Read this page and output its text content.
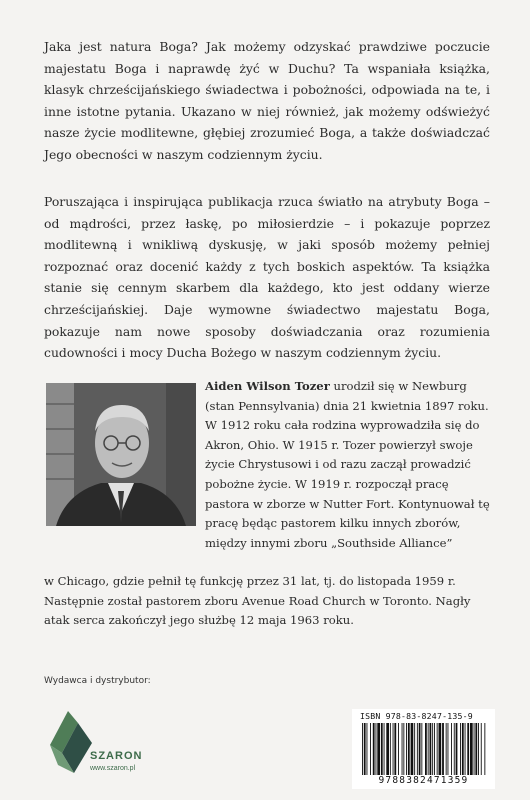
Jaka jest natura Boga? Jak możemy odzyskać prawdziwe poczucie majestatu Boga i naprawdę żyć w Duchu? Ta wspaniała książka, klasyk chrześcijańskiego świadectwa i pobożności, odpowiada na te, i inne istotne pytania. Ukazano w niej również, jak możemy odświeżyć nasze życie modlitewne, głębiej zrozumieć Boga, a także doświadczać Jego obecności w naszym codziennym życiu.

Poruszająca i inspirująca publikacja rzuca światło na atrybuty Boga – od mądrości, przez łaskę, po miłosierdzie – i pokazuje poprzez modlitewną i wnikliwą dyskusję, w jaki sposób możemy pełniej rozpoznać oraz docenić każdy z tych boskich aspektów. Ta książka stanie się cennym skarbem dla każdego, kto jest oddany wierze chrześcijańskiej. Daje wymowne świadectwo majestatu Boga, pokazuje nam nowe sposoby doświadczania oraz rozumienia cudowności i mocy Ducha Bożego w naszym codziennym życiu.

Aiden Wilson Tozer urodził się w Newburg (stan Pennsylvania) dnia 21 kwietnia 1897 roku. W 1912 roku cała rodzina wyprowadziła się do Akron, Ohio. W 1915 r. Tozer powierzył swoje życie Chrystusowi i od razu zaczął prowadzić pobożne życie. W 1919 r. rozpoczął pracę pastora w zborze w Nutter Fort. Kontynuował tę pracę będąc pastorem kilku innych zborów, między innymi zboru „Southside Alliance”

w Chicago, gdzie pełnił tę funkcję przez 31 lat, tj. do listopada 1959 r. Następnie został pastorem zboru Avenue Road Church w Toronto. Nagły atak serca zakończył jego służbę 12 maja 1963 roku.

Wydawca i dystrybutor:
SZARON
www.szaron.pl
ISBN 978-83-8247-135-9
9788382471359
